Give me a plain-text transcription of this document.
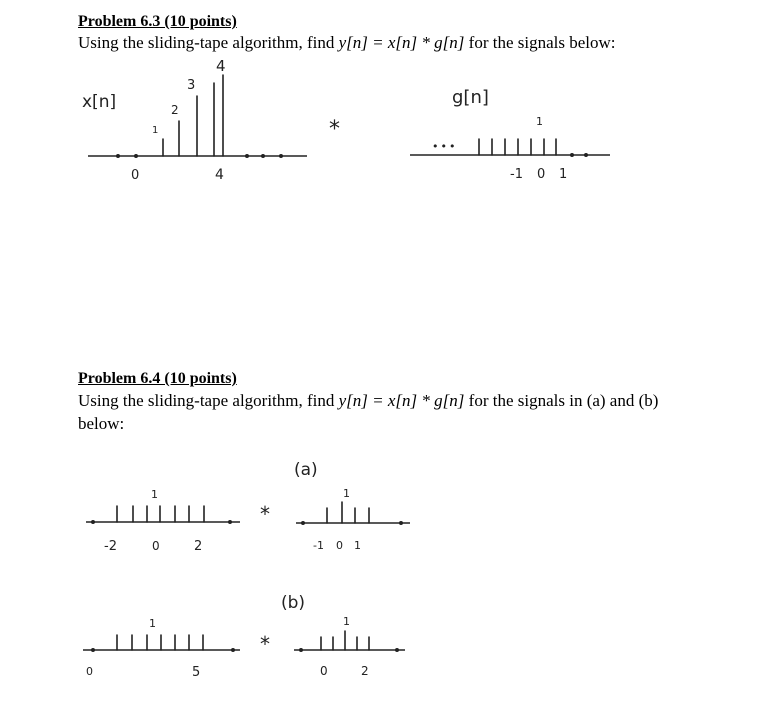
Problem 6.3 (10 points)
Using the sliding-tape algorithm, find y[n] = x[n] * g[n] for the signals below:
Problem 6.4 (10 points)
Using the sliding-tape algorithm, find y[n] = x[n] * g[n] for the signals in (a) and (b)
below:
x[n]
1
2
3
4
0	4
*
g[n]
•••
1
-1 0 1
(a)
1
-2	0	2
*
1
-1 0 1
(b)
1
0	5
*
1
0	2
